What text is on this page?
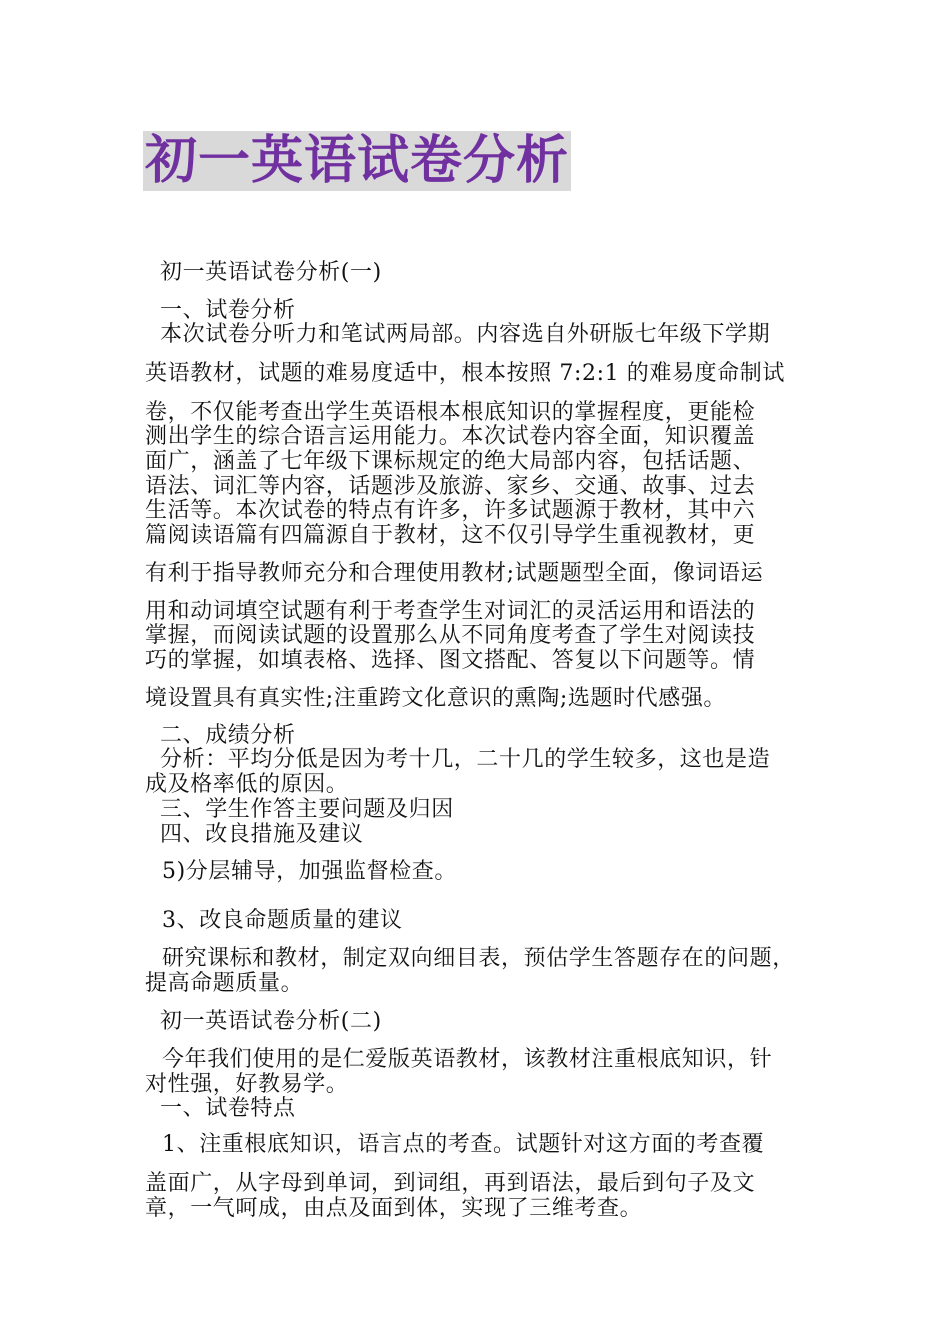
初一英语试卷分析
初一英语试卷分析(一)
一、试卷分析
本次试卷分听力和笔试两局部。内容选自外研版七年级下学期
英语教材，试题的难易度适中，根本按照 7:2:1 的难易度命制试
卷，不仅能考查出学生英语根本根底知识的掌握程度，更能检
测出学生的综合语言运用能力。本次试卷内容全面，知识覆盖
面广，涵盖了七年级下课标规定的绝大局部内容，包括话题、
语法、词汇等内容，话题涉及旅游、家乡、交通、故事、过去
生活等。本次试卷的特点有许多，许多试题源于教材，其中六
篇阅读语篇有四篇源自于教材，这不仅引导学生重视教材，更
有利于指导教师充分和合理使用教材;试题题型全面，像词语运
用和动词填空试题有利于考查学生对词汇的灵活运用和语法的
掌握，而阅读试题的设置那么从不同角度考查了学生对阅读技
巧的掌握，如填表格、选择、图文搭配、答复以下问题等。情
境设置具有真实性;注重跨文化意识的熏陶;选题时代感强。
二、成绩分析
分析：平均分低是因为考十几，二十几的学生较多，这也是造
成及格率低的原因。
三、学生作答主要问题及归因
四、改良措施及建议
5)分层辅导，加强监督检查。
3、改良命题质量的建议
研究课标和教材，制定双向细目表，预估学生答题存在的问题，
提高命题质量。
初一英语试卷分析(二)
今年我们使用的是仁爱版英语教材，该教材注重根底知识，针
对性强，好教易学。
一、试卷特点
1、注重根底知识，语言点的考查。试题针对这方面的考查覆
盖面广，从字母到单词，到词组，再到语法，最后到句子及文
章，一气呵成，由点及面到体，实现了三维考查。
